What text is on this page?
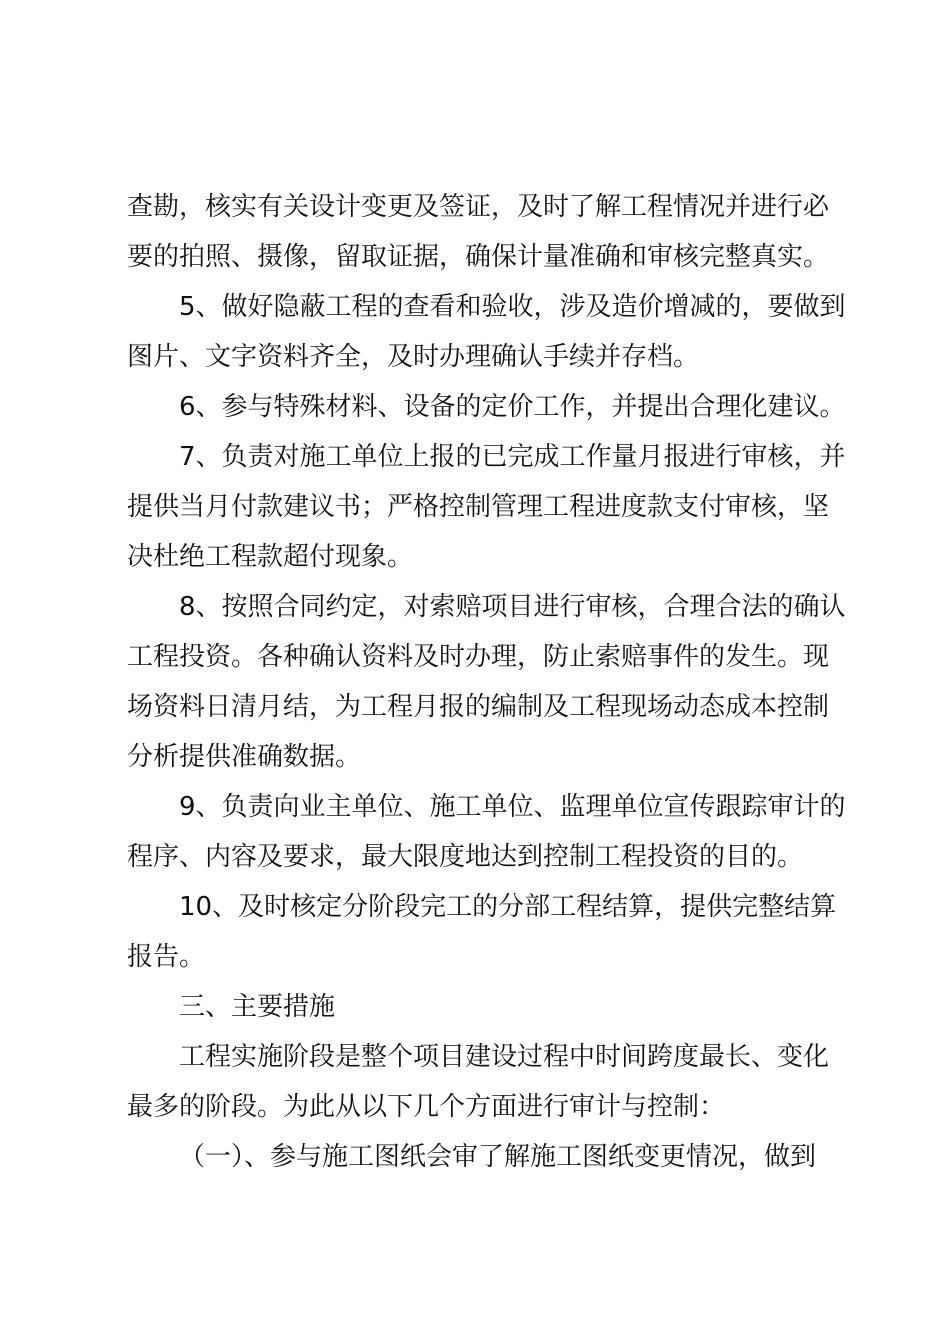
查勘，核实有关设计变更及签证，及时了解工程情况并进行必
要的拍照、摄像，留取证据，确保计量准确和审核完整真实。
5、做好隐蔽工程的查看和验收，涉及造价增减的，要做到
图片、文字资料齐全，及时办理确认手续并存档。
6、参与特殊材料、设备的定价工作，并提出合理化建议。
7、负责对施工单位上报的已完成工作量月报进行审核，并
提供当月付款建议书；严格控制管理工程进度款支付审核，坚
决杜绝工程款超付现象。
8、按照合同约定，对索赔项目进行审核，合理合法的确认
工程投资。各种确认资料及时办理，防止索赔事件的发生。现
场资料日清月结，为工程月报的编制及工程现场动态成本控制
分析提供准确数据。
9、负责向业主单位、施工单位、监理单位宣传跟踪审计的
程序、内容及要求，最大限度地达到控制工程投资的目的。
10、及时核定分阶段完工的分部工程结算，提供完整结算
报告。
三、主要措施
工程实施阶段是整个项目建设过程中时间跨度最长、变化
最多的阶段。为此从以下几个方面进行审计与控制：
（一）、参与施工图纸会审了解施工图纸变更情况，做到
